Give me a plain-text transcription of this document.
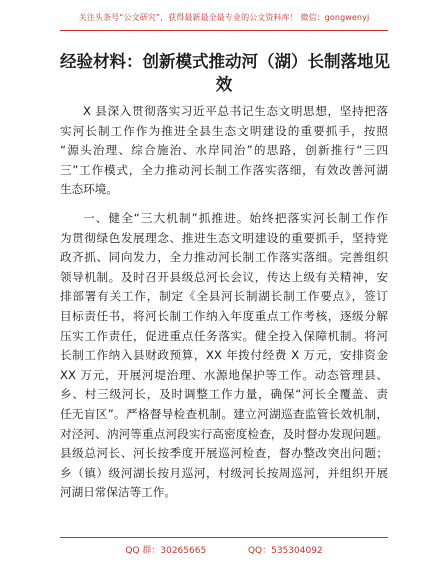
关注头条号“公文研究”，获得最新最全最专业的公文资料库！ 微信：gongwenyj
经验材料：创新模式推动河（湖）长制落地见
效

X 县深入贯彻落实习近平总书记生态文明思想，坚持把落
实河长制工作作为推进全县生态文明建设的重要抓手，按照
“源头治理、综合施治、水岸同治”的思路，创新推行“三四
三”工作模式，全力推动河长制工作落实落细，有效改善河湖
生态环境。

一、健全“三大机制”抓推进。始终把落实河长制工作作
为贯彻绿色发展理念、推进生态文明建设的重要抓手，坚持党
政齐抓、同向发力，全力推动河长制工作落实落细。完善组织
领导机制。及时召开县级总河长会议，传达上级有关精神，安
排部署有关工作，制定《全县河长制湖长制工作要点》，签订
目标责任书，将河长制工作纳入年度重点工作考核，逐级分解
压实工作责任，促进重点任务落实。健全投入保障机制。将河
长制工作纳入县财政预算，XX 年拨付经费 X 万元，安排资金
XX 万元，开展河堤治理、水源地保护等工作。动态管理县、
乡、村三级河长，及时调整工作力量，确保“河长全覆盖、责
任无盲区”。严格督导检查机制。建立河湖巡查监管长效机制，
对泾河、汭河等重点河段实行高密度检查，及时督办发现问题。
县级总河长、河长按季度开展巡河检查，督办整改突出问题；
乡（镇）级河湖长按月巡河，村级河长按周巡河，并组织开展
河湖日常保洁等工作。

QQ 群：30265665	QQ：535304092
